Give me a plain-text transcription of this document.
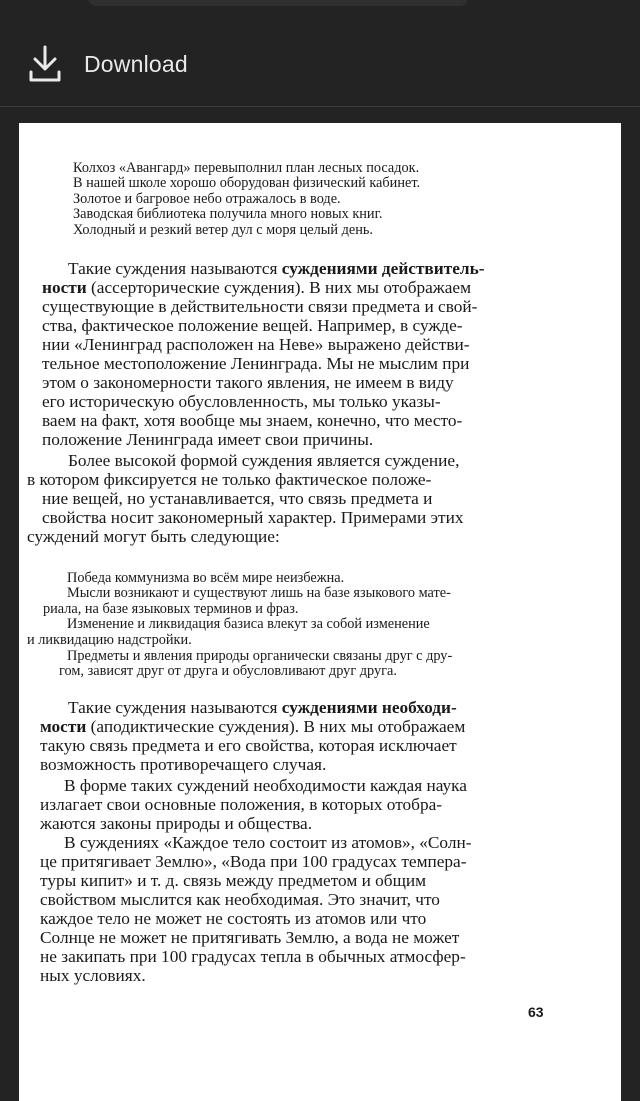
Download
Колхоз «Авангард» перевыполнил план лесных посадок.
В нашей школе хорошо оборудован физический кабинет.
Золотое и багровое небо отражалось в воде.
Заводская библиотека получила много новых книг.
Холодный и резкий ветер дул с моря целый день.
Такие суждения называются суждениями действитель-
ности (ассерторические суждения). В них мы отображаем
существующие в действительности связи предмета и свой-
ства, фактическое положение вещей. Например, в сужде-
нии «Ленинград расположен на Неве» выражено действи-
тельное местоположение Ленинграда. Мы не мыслим при
этом о закономерности такого явления, не имеем в виду
его историческую обусловленность, мы только указы-
ваем на факт, хотя вообще мы знаем, конечно, что место-
положение Ленинграда имеет свои причины.
Более высокой формой суждения является суждение,
в котором фиксируется не только фактическое положе-
ние вещей, но устанавливается, что связь предмета и
свойства носит закономерный характер. Примерами этих
суждений могут быть следующие:
Победа коммунизма во всём мире неизбежна.
Мысли возникают и существуют лишь на базе языкового мате-
риала, на базе языковых терминов и фраз.
Изменение и ликвидация базиса влекут за собой изменение
и ликвидацию надстройки.
Предметы и явления природы органически связаны друг с дру-
гом, зависят друг от друга и обусловливают друг друга.
Такие суждения называются суждениями необходи-
мости (аподиктические суждения). В них мы отображаем
такую связь предмета и его свойства, которая исключает
возможность противоречащего случая.
В форме таких суждений необходимости каждая наука
излагает свои основные положения, в которых отобра-
жаются законы природы и общества.
В суждениях «Каждое тело состоит из атомов», «Солн-
це притягивает Землю», «Вода при 100 градусах темпера-
туры кипит» и т. д. связь между предметом и общим
свойством мыслится как необходимая. Это значит, что
каждое тело не может не состоять из атомов или что
Солнце не может не притягивать Землю, а вода не может
не закипать при 100 градусах тепла в обычных атмосфер-
ных условиях.
63
